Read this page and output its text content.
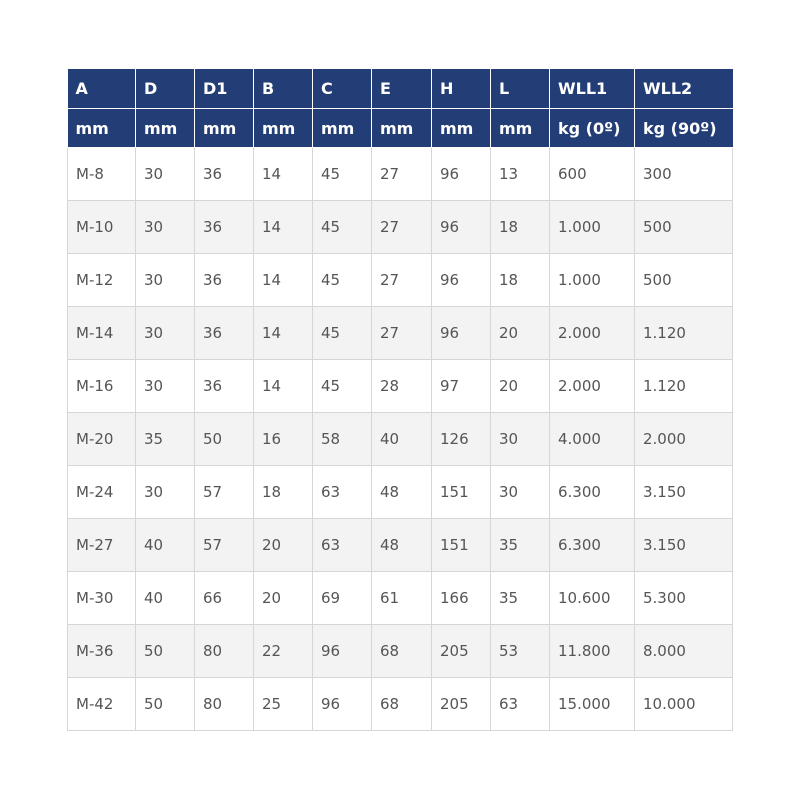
A	D	D1	B	C	E	H	L	WLL1	WLL2
mm	mm	mm	mm	mm	mm	mm	mm	kg (0º)	kg (90º)
M-8	30	36	14	45	27	96	13	600	300
M-10	30	36	14	45	27	96	18	1.000	500
M-12	30	36	14	45	27	96	18	1.000	500
M-14	30	36	14	45	27	96	20	2.000	1.120
M-16	30	36	14	45	28	97	20	2.000	1.120
M-20	35	50	16	58	40	126	30	4.000	2.000
M-24	30	57	18	63	48	151	30	6.300	3.150
M-27	40	57	20	63	48	151	35	6.300	3.150
M-30	40	66	20	69	61	166	35	10.600	5.300
M-36	50	80	22	96	68	205	53	11.800	8.000
M-42	50	80	25	96	68	205	63	15.000	10.000
